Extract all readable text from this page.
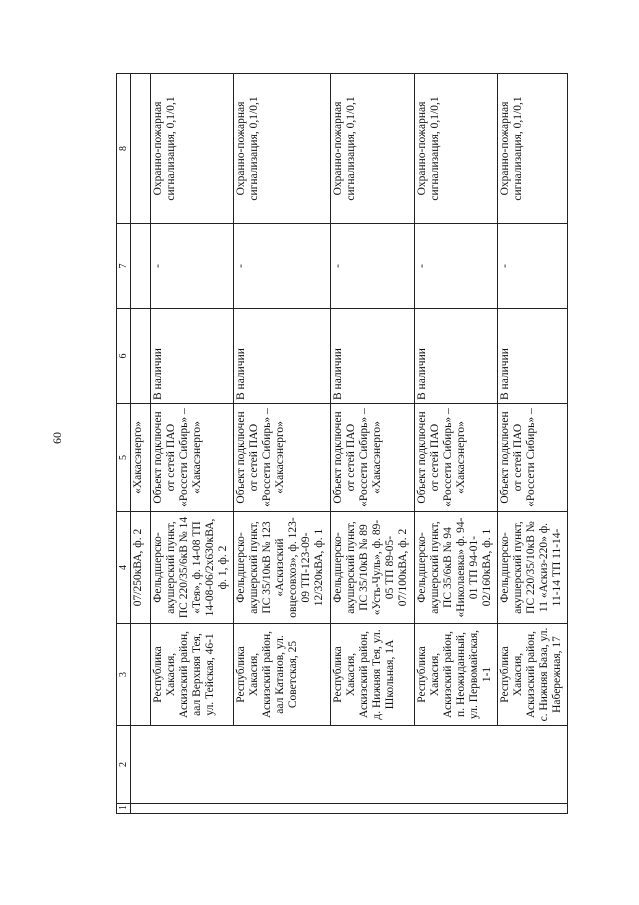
60
1	2	3	4	5	6	7	8
			07/250кВА, ф. 2	«Хакасэнерго»			
		Республика Хакасия, Аскизский район, аал Верхняя Тея, ул. Тейская, 46-1	Фельдшерско-акушерский пункт, ПС 220/35/6кВ № 14 «Тея», ф. 14-08 ТП 14-08-06/2х630кВА, ф. 1, ф. 2	Объект подключен от сетей ПАО «Россети Сибирь» – «Хакасэнерго»	В наличии	-	Охранно-пожарная сигнализация, 0,1/0,1
		Республика Хакасия, Аскизский район, аал Катанов, ул. Советская, 25	Фельдшерско-акушерский пункт, ПС 35/10кВ № 123 «Аскизский овцесовхоз», ф. 123-09 ТП-123-09-12/320кВА, ф. 1	Объект подключен от сетей ПАО «Россети Сибирь» – «Хакасэнерго»	В наличии	-	Охранно-пожарная сигнализация, 0,1/0,1
		Республика Хакасия, Аскизский район, д. Нижняя Тея, ул. Школьная, 1А	Фельдшерско-акушерский пункт, ПС 35/10кВ № 89 «Усть-Чуль», ф. 89-05 ТП 89-05-07/100кВА, ф. 2	Объект подключен от сетей ПАО «Россети Сибирь» – «Хакасэнерго»	В наличии	-	Охранно-пожарная сигнализация, 0,1/0,1
		Республика Хакасия, Аскизский район, п. Неожиданный, ул. Первомайская, 1-1	Фельдшерско-акушерский пункт, ПС 35/6кВ № 94 «Николаевка» ф. 94-01 ТП 94-01-02/160кВА, ф. 1	Объект подключен от сетей ПАО «Россети Сибирь» – «Хакасэнерго»	В наличии	-	Охранно-пожарная сигнализация, 0,1/0,1
		Республика Хакасия, Аскизский район, с. Нижняя База, ул. Набережная, 17	Фельдшерско-акушерский пункт, ПС 220/35/10кВ № 11 «Аскиз-220» ф. 11-14 ТП 11-14-	Объект подключен от сетей ПАО «Россети Сибирь» –	В наличии	-	Охранно-пожарная сигнализация, 0,1/0,1
